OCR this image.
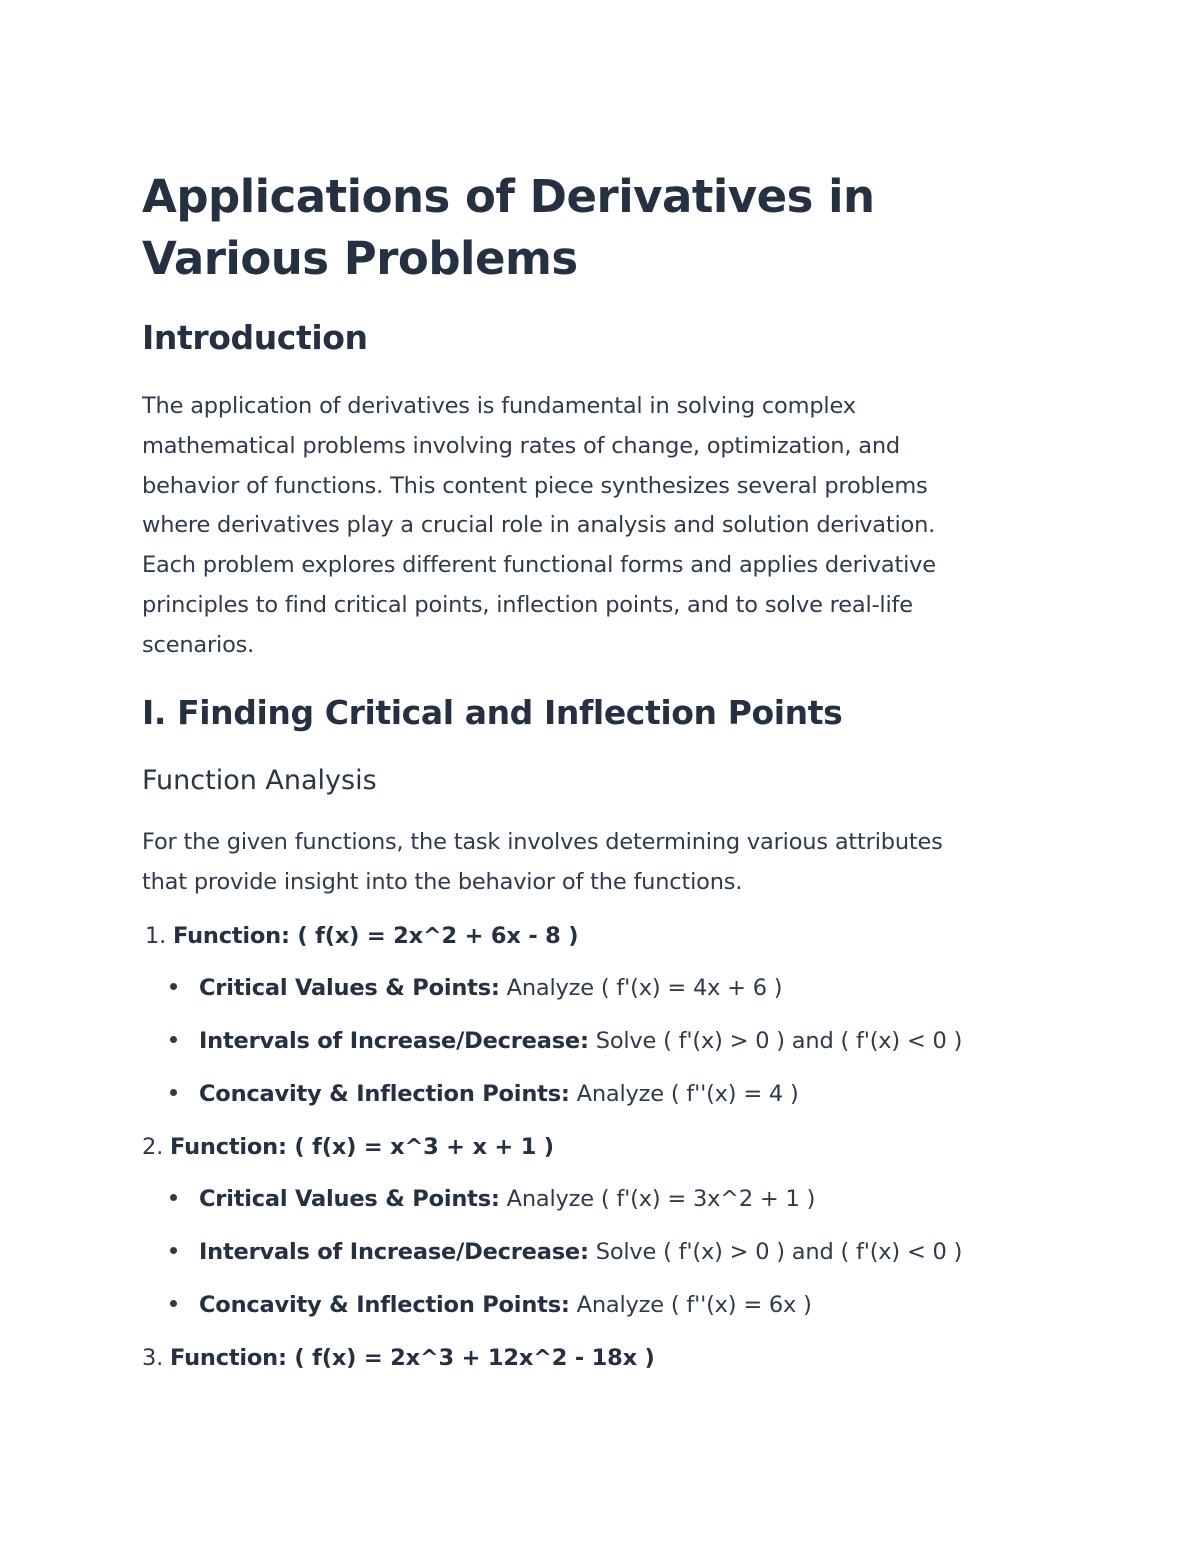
Applications of Derivatives in Various Problems
Introduction
The application of derivatives is fundamental in solving complex
mathematical problems involving rates of change, optimization, and
behavior of functions. This content piece synthesizes several problems
where derivatives play a crucial role in analysis and solution derivation.
Each problem explores different functional forms and applies derivative
principles to find critical points, inflection points, and to solve real-life
scenarios.
I. Finding Critical and Inflection Points
Function Analysis
For the given functions, the task involves determining various attributes
that provide insight into the behavior of the functions.
1. Function: ( f(x) = 2x^2 + 6x - 8 )
Critical Values & Points: Analyze ( f'(x) = 4x + 6 )
Intervals of Increase/Decrease: Solve ( f'(x) > 0 ) and ( f'(x) < 0 )
Concavity & Inflection Points: Analyze ( f''(x) = 4 )
2. Function: ( f(x) = x^3 + x + 1 )
Critical Values & Points: Analyze ( f'(x) = 3x^2 + 1 )
Intervals of Increase/Decrease: Solve ( f'(x) > 0 ) and ( f'(x) < 0 )
Concavity & Inflection Points: Analyze ( f''(x) = 6x )
3. Function: ( f(x) = 2x^3 + 12x^2 - 18x )
